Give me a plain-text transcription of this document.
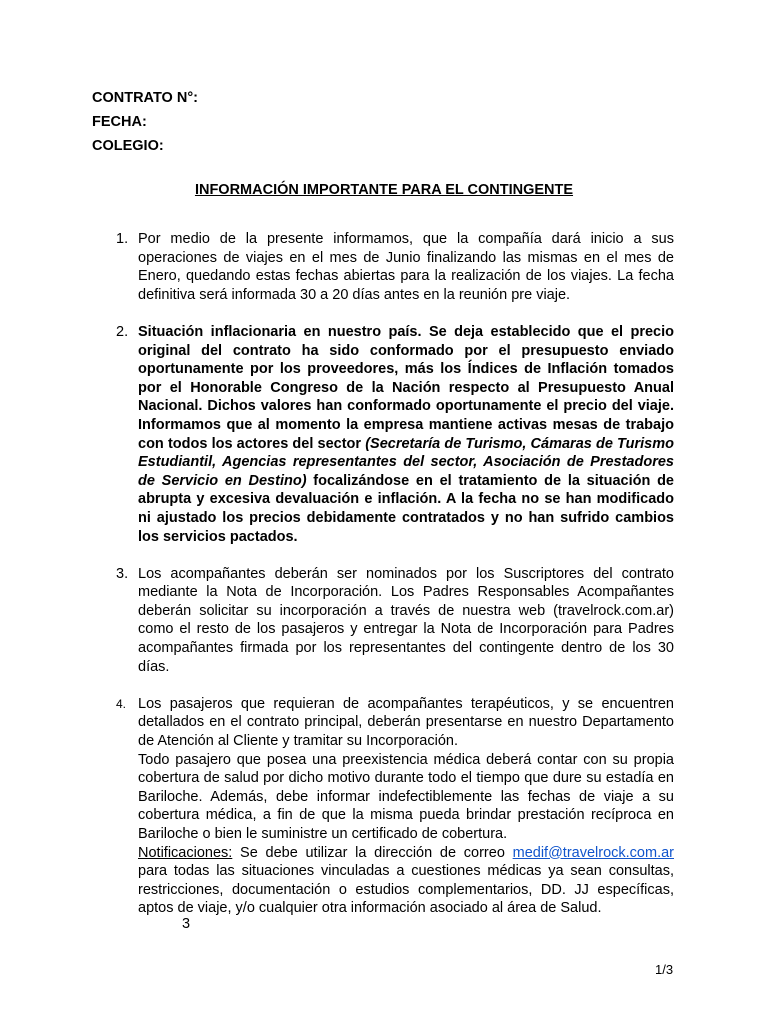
CONTRATO N°:
FECHA:
COLEGIO:
INFORMACIÓN IMPORTANTE PARA EL CONTINGENTE
1. Por medio de la presente informamos, que la compañía dará inicio a sus operaciones de viajes en el mes de Junio finalizando las mismas en el mes de Enero, quedando estas fechas abiertas para la realización de los viajes. La fecha definitiva será informada 30 a 20 días antes en la reunión pre viaje.
2. Situación inflacionaria en nuestro país. Se deja establecido que el precio original del contrato ha sido conformado por el presupuesto enviado oportunamente por los proveedores, más los Índices de Inflación tomados por el Honorable Congreso de la Nación respecto al Presupuesto Anual Nacional. Dichos valores han conformado oportunamente el precio del viaje. Informamos que al momento la empresa mantiene activas mesas de trabajo con todos los actores del sector (Secretaría de Turismo, Cámaras de Turismo Estudiantil, Agencias representantes del sector, Asociación de Prestadores de Servicio en Destino) focalizándose en el tratamiento de la situación de abrupta y excesiva devaluación e inflación. A la fecha no se han modificado ni ajustado los precios debidamente contratados y no han sufrido cambios los servicios pactados.
3. Los acompañantes deberán ser nominados por los Suscriptores del contrato mediante la Nota de Incorporación. Los Padres Responsables Acompañantes deberán solicitar su incorporación a través de nuestra web (travelrock.com.ar) como el resto de los pasajeros y entregar la Nota de Incorporación para Padres acompañantes firmada por los representantes del contingente dentro de los 30 días.
4. Los pasajeros que requieran de acompañantes terapéuticos, y se encuentren detallados en el contrato principal, deberán presentarse en nuestro Departamento de Atención al Cliente y tramitar su Incorporación.
Todo pasajero que posea una preexistencia médica deberá contar con su propia cobertura de salud por dicho motivo durante todo el tiempo que dure su estadía en Bariloche. Además, debe informar indefectiblemente las fechas de viaje a su cobertura médica, a fin de que la misma pueda brindar prestación recíproca en Bariloche o bien le suministre un certificado de cobertura.
Notificaciones: Se debe utilizar la dirección de correo medif@travelrock.com.ar para todas las situaciones vinculadas a cuestiones médicas ya sean consultas, restricciones, documentación o estudios complementarios, DD. JJ específicas, aptos de viaje, y/o cualquier otra información asociado al área de Salud.
3
1/3
